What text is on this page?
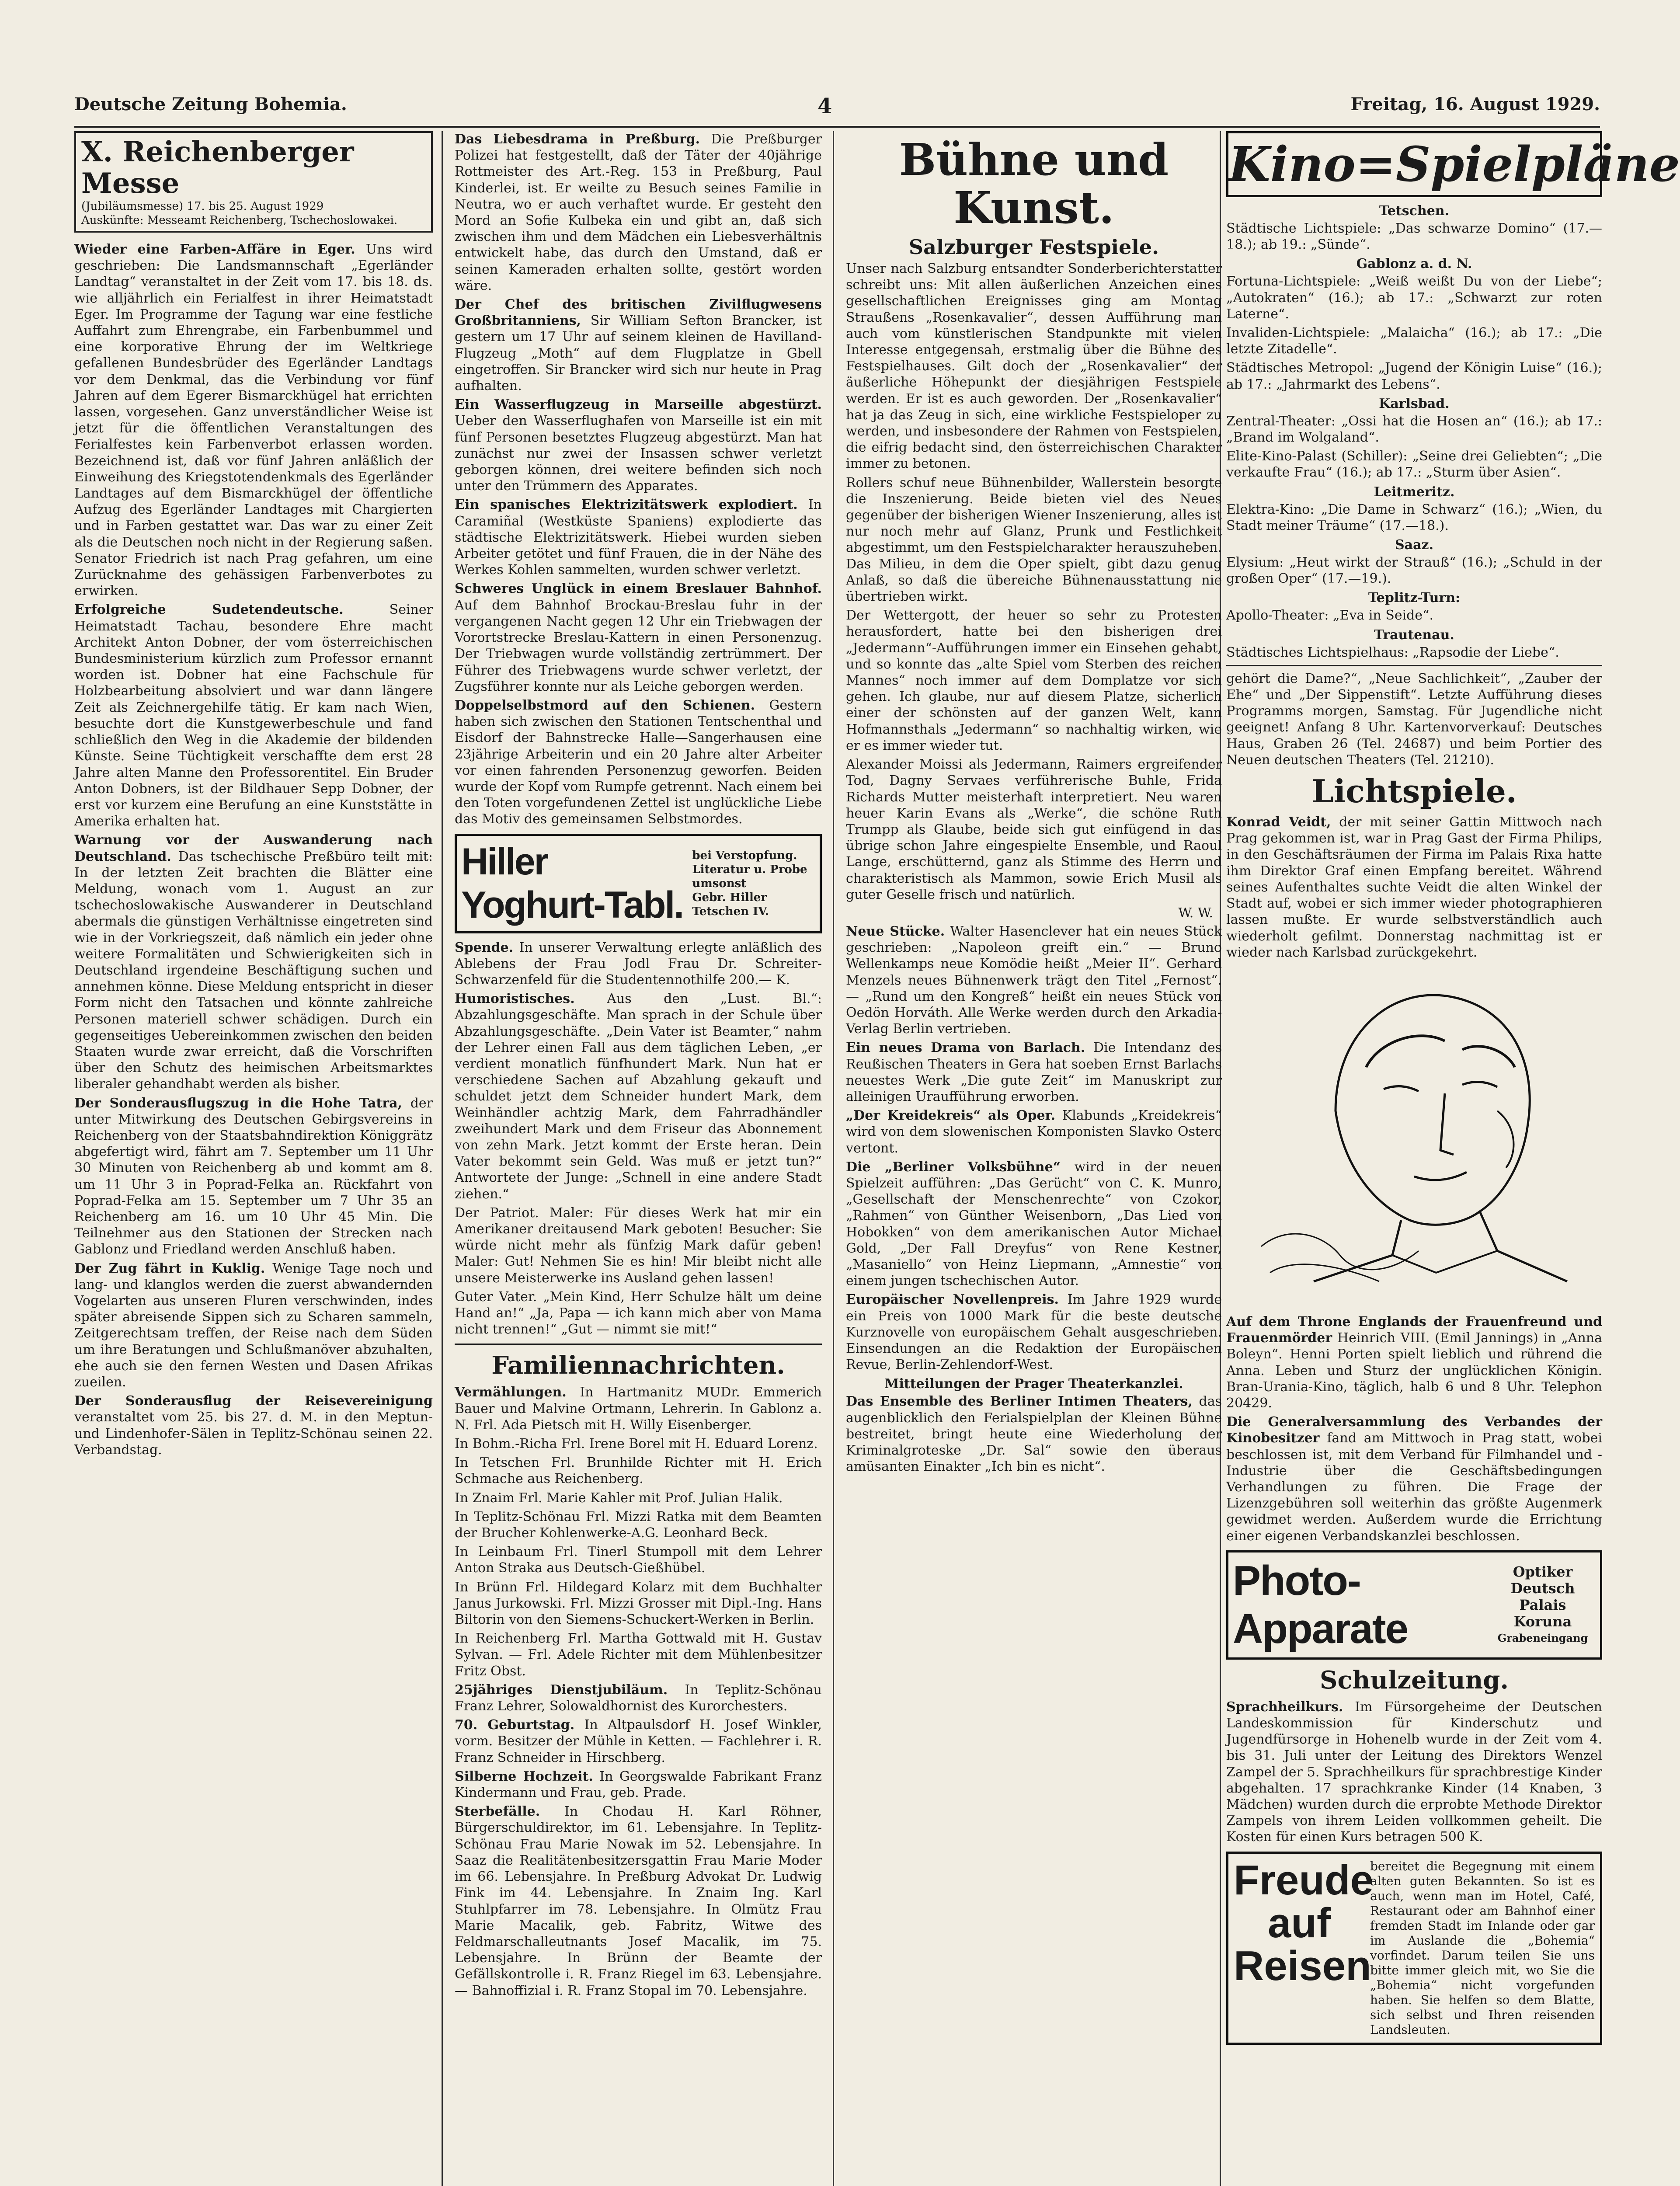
Deutsche Zeitung Bohemia.	4	Freitag, 16. August 1929.
X. Reichenberger Messe
(Jubiläumsmesse) 17. bis 25. August 1929
Auskünfte: Messeamt Reichenberg, Tschechoslowakei.

Wieder eine Farben-Affäre in Eger. Uns wird geschrieben: Die Landsmannschaft „Egerländer Landtag“ veranstaltet in der Zeit vom 17. bis 18. ds. wie alljährlich ein Ferialfest in ihrer Heimatstadt Eger. Im Programme der Tagung war eine festliche Auffahrt zum Ehrengrabe, ein Farbenbummel und eine korporative Ehrung der im Weltkriege gefallenen Bundesbrüder des Egerländer Landtags vor dem Denkmal, das die Verbindung vor fünf Jahren auf dem Egerer Bismarckhügel hat errichten lassen, vorgesehen. Ganz unverständlicher Weise ist jetzt für die öffentlichen Veranstaltungen des Ferialfestes kein Farbenverbot erlassen worden. Bezeichnend ist, daß vor fünf Jahren anläßlich der Einweihung des Kriegstotendenkmals des Egerländer Landtages auf dem Bismarckhügel der öffentliche Aufzug des Egerländer Landtages mit Chargierten und in Farben gestattet war. Das war zu einer Zeit als die Deutschen noch nicht in der Regierung saßen. Senator Friedrich ist nach Prag gefahren, um eine Zurücknahme des gehässigen Farbenverbotes zu erwirken.

Erfolgreiche Sudetendeutsche.	Seiner Heimatstadt Tachau, besondere Ehre macht Architekt Anton Dobner, der vom österreichischen Bundesministerium kürzlich zum Professor ernannt worden ist. Dobner hat eine Fachschule für Holzbearbeitung absolviert und war dann längere Zeit als Zeichnergehilfe tätig. Er kam nach Wien, besuchte dort die Kunstgewerbeschule und fand schließlich den Weg in die Akademie der bildenden Künste. Seine Tüchtigkeit verschaffte dem erst 28 Jahre alten Manne den Professorentitel. Ein Bruder Anton Dobners, ist der Bildhauer Sepp Dobner, der erst vor kurzem eine Berufung an eine Kunststätte in Amerika erhalten hat.

Warnung vor der Auswanderung nach Deutschland. Das tschechische Preßbüro teilt mit: In der letzten Zeit brachten die Blätter eine Meldung, wonach vom 1. August an zur tschechoslowakische Auswanderer in Deutschland abermals die günstigen Verhältnisse eingetreten sind wie in der Vorkriegszeit, daß nämlich ein jeder ohne weitere Formalitäten und Schwierigkeiten sich in Deutschland irgendeine Beschäftigung suchen und annehmen könne. Diese Meldung entspricht in dieser Form nicht den Tatsachen und könnte zahlreiche Personen materiell schwer schädigen. Durch ein gegenseitiges Uebereinkommen zwischen den beiden Staaten wurde zwar erreicht, daß die Vorschriften über den Schutz des heimischen Arbeitsmarktes liberaler gehandhabt werden als bisher.

Der Sonderausflugszug in die Hohe Tatra, der unter Mitwirkung des Deutschen Gebirgsvereins in Reichenberg von der Staatsbahndirektion Königgrätz abgefertigt wird, fährt am 7. September um 11 Uhr 30 Minuten von Reichenberg ab und kommt am 8. um 11 Uhr 3 in Poprad-Felka an. Rückfahrt von Poprad-Felka am 15. September um 7 Uhr 35 an Reichenberg am 16. um 10 Uhr 45 Min. Die Teilnehmer aus den Stationen der Strecken nach Gablonz und Friedland werden Anschluß haben.

Der Zug fährt in Kuklig. Wenige Tage noch und lang- und klanglos werden die zuerst abwandernden Vogelarten aus unseren Fluren verschwinden, indes später abreisende Sippen sich zu Scharen sammeln, Zeitgerechtsam treffen, der Reise nach dem Süden um ihre Beratungen und Schlußmanöver abzuhalten, ehe auch sie den fernen Westen und Dasen Afrikas zueilen.

Der Sonderausflug der Reisevereinigung veranstaltet vom 25. bis 27. d. M. in den Meptun- und Lindenhofer-Sälen in Teplitz-Schönau seinen 22. Verbandstag.

Das Liebesdrama in Preßburg. Die Preßburger Polizei hat festgestellt, daß der Täter der 40jährige Rottmeister des Art.-Reg. 153 in Preßburg, Paul Kinderlei, ist. Er weilte zu Besuch seines Familie in Neutra, wo er auch verhaftet wurde. Er gesteht den Mord an Sofie Kulbeka ein und gibt an, daß sich zwischen ihm und dem Mädchen ein Liebesverhältnis entwickelt habe, das durch den Umstand, daß er seinen Kameraden erhalten sollte, gestört worden wäre.

Der Chef des britischen Zivilflugwesens Großbritanniens, Sir William Sefton Brancker, ist gestern um 17 Uhr auf seinem kleinen de Havilland-Flugzeug „Moth“ auf dem Flugplatze in Gbell eingetroffen. Sir Brancker wird sich nur heute in Prag aufhalten.

Ein Wasserflugzeug in Marseille abgestürzt. Ueber den Wasserflughafen von Marseille ist ein mit fünf Personen besetztes Flugzeug abgestürzt. Man hat zunächst nur zwei der Insassen schwer verletzt geborgen können, drei weitere befinden sich noch unter den Trümmern des Apparates.

Ein spanisches Elektrizitätswerk explodiert. In Caramiñal (Westküste Spaniens) explodierte das städtische Elektrizitätswerk. Hiebei wurden sieben Arbeiter getötet und fünf Frauen, die in der Nähe des Werkes Kohlen sammelten, wurden schwer verletzt.

Schweres Unglück in einem Breslauer Bahnhof. Auf dem Bahnhof Brockau-Breslau fuhr in der vergangenen Nacht gegen 12 Uhr ein Triebwagen der Vorortstrecke Breslau-Kattern in einen Personenzug. Der Triebwagen wurde vollständig zertrümmert. Der Führer des Triebwagens wurde schwer verletzt, der Zugsführer konnte nur als Leiche geborgen werden.

Doppelselbstmord auf den Schienen. Gestern haben sich zwischen den Stationen Tentschenthal und Eisdorf der Bahnstrecke Halle—Sangerhausen eine 23jährige Arbeiterin und ein 20 Jahre alter Arbeiter vor einen fahrenden Personenzug geworfen. Beiden wurde der Kopf vom Rumpfe getrennt. Nach einem bei den Toten vorgefundenen Zettel ist unglückliche Liebe das Motiv des gemeinsamen Selbstmordes.

Hiller Yoghurt-Tabl.
bei Verstopfung.
Literatur u. Probe umsonst
Gebr. Hiller Tetschen IV.

Spende. In unserer Verwaltung erlegte anläßlich des Ablebens der Frau Jodl Frau Dr. Schreiter-Schwarzenfeld für die Studentennothilfe 200.— K.

Humoristisches. Aus den „Lust. Bl.“: Abzahlungsgeschäfte. Man sprach in der Schule über Abzahlungsgeschäfte. „Dein Vater ist Beamter,“ nahm der Lehrer einen Fall aus dem täglichen Leben, „er verdient monatlich fünfhundert Mark. Nun hat er verschiedene Sachen auf Abzahlung gekauft und schuldet jetzt dem Schneider hundert Mark, dem Weinhändler achtzig Mark, dem Fahrradhändler zweihundert Mark und dem Friseur das Abonnement von zehn Mark. Jetzt kommt der Erste heran. Dein Vater bekommt sein Geld. Was muß er jetzt tun?“ Antwortete der Junge: „Schnell in eine andere Stadt ziehen.“

Der Patriot. Maler: Für dieses Werk hat mir ein Amerikaner dreitausend Mark geboten! Besucher: Sie würde nicht mehr als fünfzig Mark dafür geben! Maler: Gut! Nehmen Sie es hin! Mir bleibt nicht alle unsere Meisterwerke ins Ausland gehen lassen!

Guter Vater. „Mein Kind, Herr Schulze hält um deine Hand an!“ „Ja, Papa — ich kann mich aber von Mama nicht trennen!“ „Gut — nimmt sie mit!“

Familiennachrichten.

Vermählungen. In Hartmanitz MUDr. Emmerich Bauer und Malvine Ortmann, Lehrerin. In Gablonz a. N. Frl. Ada Pietsch mit H. Willy Eisenberger.

In Bohm.-Richa Frl. Irene Borel mit H. Eduard Lorenz.

In Tetschen Frl. Brunhilde Richter mit H. Erich Schmache aus Reichenberg.

In Znaim Frl. Marie Kahler mit Prof. Julian Halik.

In Teplitz-Schönau Frl. Mizzi Ratka mit dem Beamten der Brucher Kohlenwerke-A.G. Leonhard Beck.

In Leinbaum Frl. Tinerl Stumpoll mit dem Lehrer Anton Straka aus Deutsch-Gießhübel.

In Brünn Frl. Hildegard Kolarz mit dem Buchhalter Janus Jurkowski. Frl. Mizzi Grosser mit Dipl.-Ing. Hans Biltorin von den Siemens-Schuckert-Werken in Berlin.

In Reichenberg Frl. Martha Gottwald mit H. Gustav Sylvan. — Frl. Adele Richter mit dem Mühlenbesitzer Fritz Obst.

25jähriges Dienstjubiläum. In Teplitz-Schönau Franz Lehrer, Solowaldhornist des Kurorchesters.

70. Geburtstag. In Altpaulsdorf H. Josef Winkler, vorm. Besitzer der Mühle in Ketten. — Fachlehrer i. R. Franz Schneider in Hirschberg.

Silberne Hochzeit. In Georgswalde Fabrikant Franz Kindermann und Frau, geb. Prade.

Sterbefälle. In Chodau H. Karl Röhner, Bürgerschuldirektor, im 61. Lebensjahre. In Teplitz-Schönau Frau Marie Nowak im 52. Lebensjahre. In Saaz die Realitätenbesitzersgattin Frau Marie Moder im 66. Lebensjahre. In Preßburg Advokat Dr. Ludwig Fink im 44. Lebensjahre. In Znaim Ing. Karl Stuhlpfarrer im 78. Lebensjahre. In Olmütz Frau Marie Macalik, geb. Fabritz, Witwe des Feldmarschalleutnants Josef Macalik, im 75. Lebensjahre. In Brünn der Beamte der Gefällskontrolle i. R. Franz Riegel im 63. Lebensjahre. — Bahnoffizial i. R. Franz Stopal im 70. Lebensjahre.

Bühne und Kunst.
Salzburger Festspiele.

Unser nach Salzburg entsandter Sonderberichterstatter schreibt uns: Mit allen äußerlichen Anzeichen eines gesellschaftlichen Ereignisses ging am Montag Straußens „Rosenkavalier“, dessen Aufführung man auch vom künstlerischen Standpunkte mit vielen Interesse entgegensah, erstmalig über die Bühne des Festspielhauses. Gilt doch der „Rosenkavalier“ der äußerliche Höhepunkt der diesjährigen Festspiele werden. Er ist es auch geworden. Der „Rosenkavalier“ hat ja das Zeug in sich, eine wirkliche Festspieloper zu werden, und insbesondere der Rahmen von Festspielen, die eifrig bedacht sind, den österreichischen Charakter immer zu betonen.

Rollers schuf neue Bühnenbilder, Wallerstein besorgte die Inszenierung. Beide bieten viel des Neues gegenüber der bisherigen Wiener Inszenierung, alles ist nur noch mehr auf Glanz, Prunk und Festlichkeit abgestimmt, um den Festspielcharakter herauszuheben. Das Milieu, in dem die Oper spielt, gibt dazu genug Anlaß, so daß die übereiche Bühnenausstattung nie übertrieben wirkt.

Der Wettergott, der heuer so sehr zu Protesten herausfordert, hatte bei den bisherigen drei „Jedermann“-Aufführungen immer ein Einsehen gehabt, und so konnte das „alte Spiel vom Sterben des reichen Mannes“ noch immer auf dem Domplatze vor sich gehen. Ich glaube, nur auf diesem Platze, sicherlich einer der schönsten auf der ganzen Welt, kann Hofmannsthals „Jedermann“ so nachhaltig wirken, wie er es immer wieder tut.

Alexander Moissi als Jedermann, Raimers ergreifender Tod, Dagny Servaes verführerische Buhle, Frida Richards Mutter meisterhaft interpretiert. Neu waren heuer Karin Evans als „Werke“, die schöne Ruth Trumpp als Glaube, beide sich gut einfügend in das übrige schon Jahre eingespielte Ensemble, und Raoul Lange, erschütternd, ganz als Stimme des Herrn und charakteristisch als Mammon, sowie Erich Musil als guter Geselle frisch und natürlich.

W. W.

Neue Stücke. Walter Hasenclever hat ein neues Stück geschrieben: „Napoleon greift ein.“ — Bruno Wellenkamps neue Komödie heißt „Meier II“. Gerhard Menzels neues Bühnenwerk trägt den Titel „Fernost“. — „Rund um den Kongreß“ heißt ein neues Stück von Oedön Horváth. Alle Werke werden durch den Arkadia-Verlag Berlin vertrieben.

Ein neues Drama von Barlach. Die Intendanz des Reußischen Theaters in Gera hat soeben Ernst Barlachs neuestes Werk „Die gute Zeit“ im Manuskript zur alleinigen Uraufführung erworben.

„Der Kreidekreis“ als Oper. Klabunds „Kreidekreis“ wird von dem slowenischen Komponisten Slavko Osterc vertont.

Die „Berliner Volksbühne“ wird in der neuen Spielzeit aufführen: „Das Gerücht“ von C. K. Munro, „Gesellschaft der Menschenrechte“ von Czokor, „Rahmen“ von Günther Weisenborn, „Das Lied von Hobokken“ von dem amerikanischen Autor Michael Gold, „Der Fall Dreyfus“ von Rene Kestner, „Masaniello“ von Heinz Liepmann, „Amnestie“ von einem jungen tschechischen Autor.

Europäischer Novellenpreis. Im Jahre 1929 wurde ein Preis von 1000 Mark für die beste deutsche Kurznovelle von europäischem Gehalt ausgeschrieben. Einsendungen an die Redaktion der Europäischen Revue, Berlin-Zehlendorf-West.

Mitteilungen der Prager Theaterkanzlei.

Das Ensemble des Berliner Intimen Theaters, das augenblicklich den Ferialspielplan der Kleinen Bühne bestreitet, bringt heute eine Wiederholung der Kriminalgroteske „Dr. Sal“ sowie den überaus amüsanten Einakter „Ich bin es nicht“.

Kino=Spielpläne
Tetschen.

Städtische Lichtspiele: „Das schwarze Domino“ (17.—18.); ab 19.: „Sünde“.

Gablonz a. d. N.

Fortuna-Lichtspiele: „Weiß weißt Du von der Liebe“; „Autokraten“ (16.); ab 17.: „Schwarzt zur roten Laterne“.

Invaliden-Lichtspiele: „Malaicha“ (16.); ab 17.: „Die letzte Zitadelle“.

Städtisches Metropol: „Jugend der Königin Luise“ (16.); ab 17.: „Jahrmarkt des Lebens“.

Karlsbad.

Zentral-Theater: „Ossi hat die Hosen an“ (16.); ab 17.: „Brand im Wolgaland“.

Elite-Kino-Palast (Schiller): „Seine drei Geliebten“; „Die verkaufte Frau“ (16.); ab 17.: „Sturm über Asien“.

Leitmeritz.

Elektra-Kino: „Die Dame in Schwarz“ (16.); „Wien, du Stadt meiner Träume“ (17.—18.).

Saaz.

Elysium: „Heut wirkt der Strauß“ (16.); „Schuld in der großen Oper“ (17.—19.).

Teplitz-Turn:

Apollo-Theater: „Eva in Seide“.

Trautenau.

Städtisches Lichtspielhaus: „Rapsodie der Liebe“.

gehört die Dame?“, „Neue Sachlichkeit“, „Zauber der Ehe“ und „Der Sippenstift“. Letzte Aufführung dieses Programms morgen, Samstag. Für Jugendliche nicht geeignet! Anfang 8 Uhr. Kartenvorverkauf: Deutsches Haus, Graben 26 (Tel. 24687) und beim Portier des Neuen deutschen Theaters (Tel. 21210).

Lichtspiele.

Konrad Veidt, der mit seiner Gattin Mittwoch nach Prag gekommen ist, war in Prag Gast der Firma Philips, in den Geschäftsräumen der Firma im Palais Rixa hatte ihm Direktor Graf einen Empfang bereitet. Während seines Aufenthaltes suchte Veidt die alten Winkel der Stadt auf, wobei er sich immer wieder photographieren lassen mußte. Er wurde selbstverständlich auch wiederholt gefilmt. Donnerstag nachmittag ist er wieder nach Karlsbad zurückgekehrt.

Auf dem Throne Englands der Frauenfreund und Frauenmörder Heinrich VIII. (Emil Jannings) in „Anna Boleyn“. Henni Porten spielt lieblich und rührend die Anna. Leben und Sturz der unglücklichen Königin. Bran-Urania-Kino, täglich, halb 6 und 8 Uhr. Telephon 20429.

Die Generalversammlung des Verbandes der Kinobesitzer fand am Mittwoch in Prag statt, wobei beschlossen ist, mit dem Verband für Filmhandel und -Industrie über die Geschäftsbedingungen Verhandlungen zu führen. Die Frage der Lizenzgebühren soll weiterhin das größte Augenmerk gewidmet werden. Außerdem wurde die Errichtung einer eigenen Verbandskanzlei beschlossen.

Photo-Apparate
Optiker Deutsch
Palais Koruna
Grabeneingang
Schulzeitung.

Sprachheilkurs. Im Fürsorgeheime der Deutschen Landeskommission für Kinderschutz und Jugendfürsorge in Hohenelb wurde in der Zeit vom 4. bis 31. Juli unter der Leitung des Direktors Wenzel Zampel der 5. Sprachheilkurs für sprachbrestige Kinder abgehalten. 17 sprachkranke Kinder (14 Knaben, 3 Mädchen) wurden durch die erprobte Methode Direktor Zampels von ihrem Leiden vollkommen geheilt. Die Kosten für einen Kurs betragen 500 K.

Freude
auf
Reisen
bereitet die Begegnung mit einem alten guten Bekannten. So ist es auch, wenn man im Hotel, Café, Restaurant oder am Bahnhof einer fremden Stadt im Inlande oder gar im Auslande die „Bohemia“ vorfindet. Darum teilen Sie uns bitte immer gleich mit, wo Sie die „Bohemia“ nicht vorgefunden haben. Sie helfen so dem Blatte, sich selbst und Ihren reisenden Landsleuten.
